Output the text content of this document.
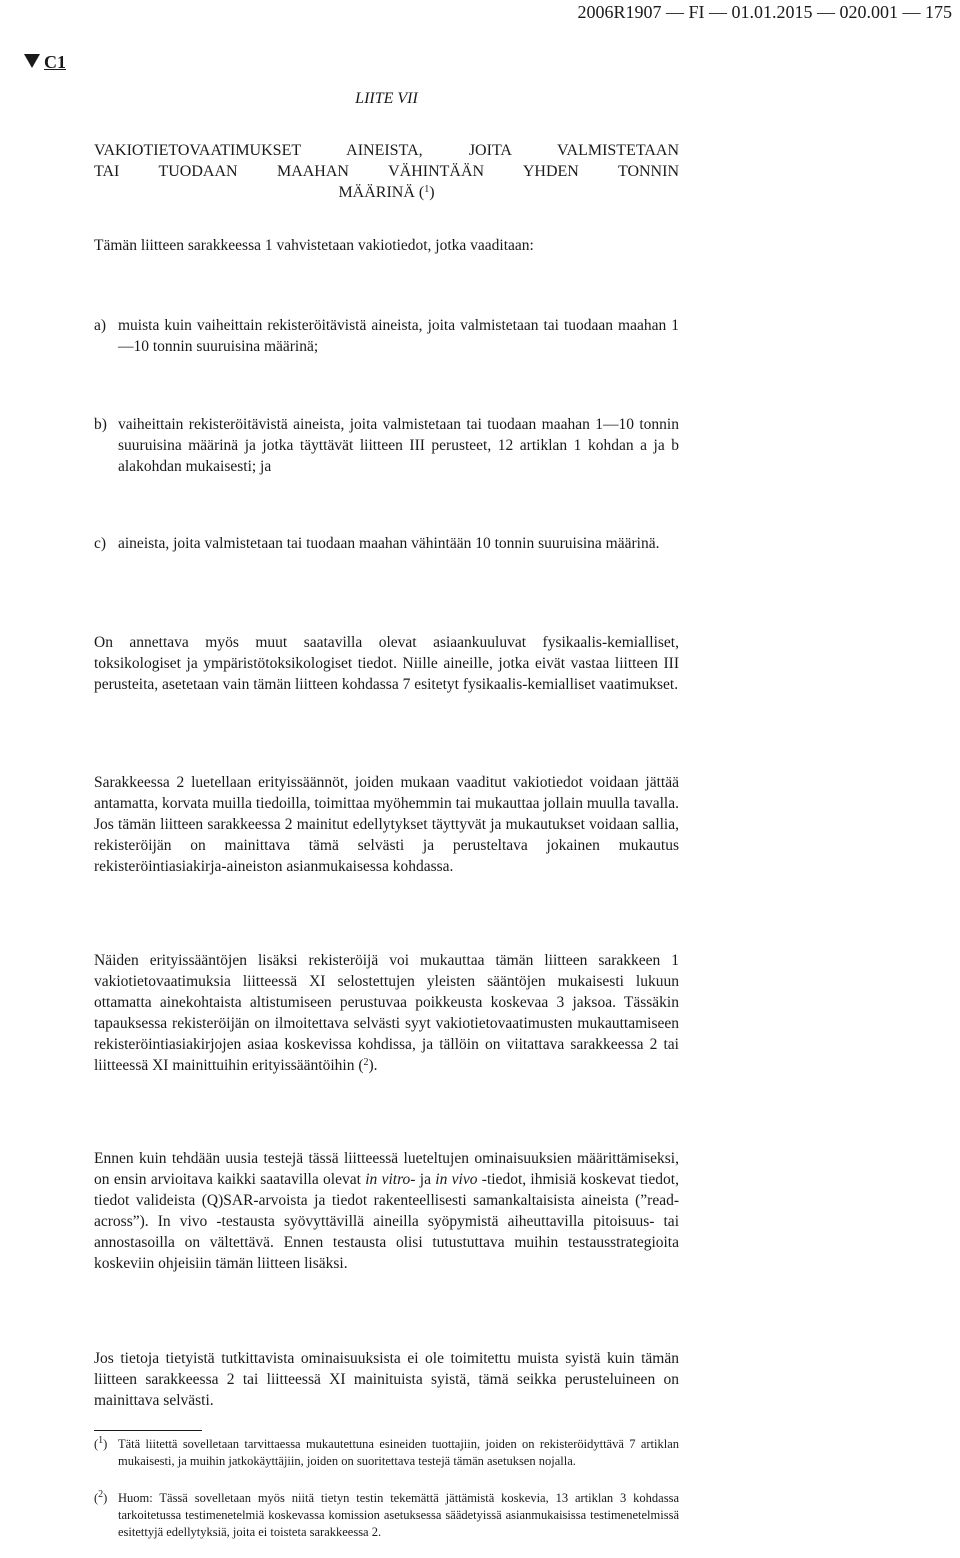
2006R1907 — FI — 01.01.2015 — 020.001 — 175
C1
LIITE VII
VAKIOTIETOVAATIMUKSET AINEISTA, JOITA VALMISTETAAN
TAI TUODAAN MAAHAN VÄHINTÄÄN YHDEN TONNIN
MÄÄRINÄ ($^1$)
Tämän liitteen sarakkeessa 1 vahvistetaan vakiotiedot, jotka vaaditaan:
a) muista kuin vaiheittain rekisteröitävistä aineista, joita valmistetaan tai tuodaan maahan 1—10 tonnin suuruisina määrinä;
b) vaiheittain rekisteröitävistä aineista, joita valmistetaan tai tuodaan maahan 1—10 tonnin suuruisina määrinä ja jotka täyttävät liitteen III perusteet, 12 artiklan 1 kohdan a ja b alakohdan mukaisesti; ja
c) aineista, joita valmistetaan tai tuodaan maahan vähintään 10 tonnin suuruisina määrinä.
On annettava myös muut saatavilla olevat asiaankuuluvat fysikaalis-kemialliset, toksikologiset ja ympäristötoksikologiset tiedot. Niille aineille, jotka eivät vastaa liitteen III perusteita, asetetaan vain tämän liitteen kohdassa 7 esitetyt fysikaalis-kemialliset vaatimukset.
Sarakkeessa 2 luetellaan erityissäännöt, joiden mukaan vaaditut vakiotiedot voidaan jättää antamatta, korvata muilla tiedoilla, toimittaa myöhemmin tai mukauttaa jollain muulla tavalla. Jos tämän liitteen sarakkeessa 2 mainitut edellytykset täyttyvät ja mukautukset voidaan sallia, rekisteröijän on mainittava tämä selvästi ja perusteltava jokainen mukautus rekisteröintiasiakirja-aineiston asianmukaisessa kohdassa.
Näiden erityissääntöjen lisäksi rekisteröijä voi mukauttaa tämän liitteen sarakkeen 1 vakiotietovaatimuksia liitteessä XI selostettujen yleisten sääntöjen mukaisesti lukuun ottamatta ainekohtaista altistumiseen perustuvaa poikkeusta koskevaa 3 jaksoa. Tässäkin tapauksessa rekisteröijän on ilmoitettava selvästi syyt vakiotietovaatimusten mukauttamiseen rekisteröintiasiakirjojen asiaa koskevissa kohdissa, ja tällöin on viitattava sarakkeessa 2 tai liitteessä XI mainittuihin erityissääntöihin ($^2$).
Ennen kuin tehdään uusia testejä tässä liitteessä lueteltujen ominaisuuksien määrittämiseksi, on ensin arvioitava kaikki saatavilla olevat in vitro- ja in vivo -tiedot, ihmisiä koskevat tiedot, tiedot valideista (Q)SAR-arvoista ja tiedot rakenteellisesti samankaltaisista aineista (”read-across”). In vivo -testausta syövyttävillä aineilla syöpymistä aiheuttavilla pitoisuus- tai annostasoilla on vältettävä. Ennen testausta olisi tutustuttava muihin testausstrategioita koskeviin ohjeisiin tämän liitteen lisäksi.
Jos tietoja tietyistä tutkittavista ominaisuuksista ei ole toimitettu muista syistä kuin tämän liitteen sarakkeessa 2 tai liitteessä XI mainituista syistä, tämä seikka perusteluineen on mainittava selvästi.
($^1$) Tätä liitettä sovelletaan tarvittaessa mukautettuna esineiden tuottajiin, joiden on rekisteröidyttävä 7 artiklan mukaisesti, ja muihin jatkokäyttäjiin, joiden on suoritettava testejä tämän asetuksen nojalla.
($^2$) Huom: Tässä sovelletaan myös niitä tietyn testin tekemättä jättämistä koskevia, 13 artiklan 3 kohdassa tarkoitetussa testimenetelmiä koskevassa komission asetuksessa säädetyissä asianmukaisissa testimenetelmissä esitettyjä edellytyksiä, joita ei toisteta sarakkeessa 2.
